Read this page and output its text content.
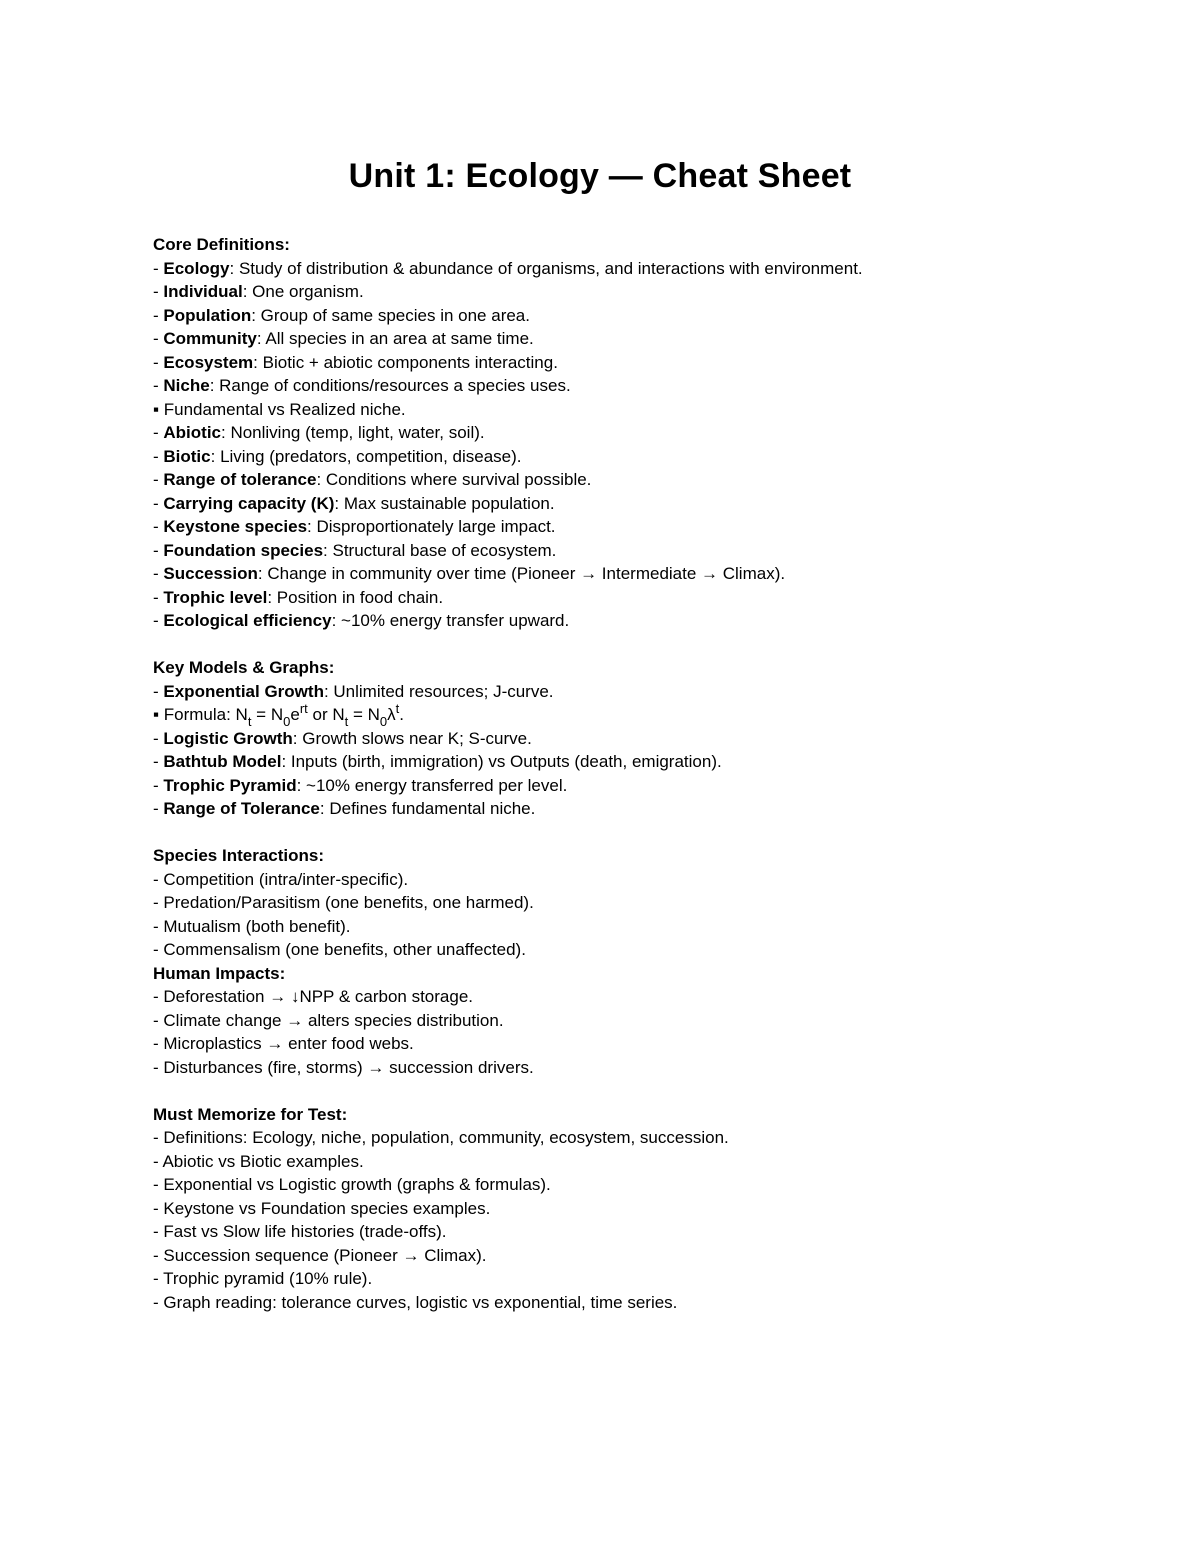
Unit 1: Ecology — Cheat Sheet
Core Definitions:
- Ecology: Study of distribution & abundance of organisms, and interactions with environment.
- Individual: One organism.
- Population: Group of same species in one area.
- Community: All species in an area at same time.
- Ecosystem: Biotic + abiotic components interacting.
- Niche: Range of conditions/resources a species uses.
▪ Fundamental vs Realized niche.
- Abiotic: Nonliving (temp, light, water, soil).
- Biotic: Living (predators, competition, disease).
- Range of tolerance: Conditions where survival possible.
- Carrying capacity (K): Max sustainable population.
- Keystone species: Disproportionately large impact.
- Foundation species: Structural base of ecosystem.
- Succession: Change in community over time (Pioneer → Intermediate → Climax).
- Trophic level: Position in food chain.
- Ecological efficiency: ~10% energy transfer upward.
Key Models & Graphs:
- Exponential Growth: Unlimited resources; J-curve.
▪ Formula: $N_t = N_0e^{rt}$ or $N_t = N_0\lambda^t$.
- Logistic Growth: Growth slows near K; S-curve.
- Bathtub Model: Inputs (birth, immigration) vs Outputs (death, emigration).
- Trophic Pyramid: ~10% energy transferred per level.
- Range of Tolerance: Defines fundamental niche.
Species Interactions:
- Competition (intra/inter-specific).
- Predation/Parasitism (one benefits, one harmed).
- Mutualism (both benefit).
- Commensalism (one benefits, other unaffected).
Human Impacts:
- Deforestation → ↓NPP & carbon storage.
- Climate change → alters species distribution.
- Microplastics → enter food webs.
- Disturbances (fire, storms) → succession drivers.
Must Memorize for Test:
- Definitions: Ecology, niche, population, community, ecosystem, succession.
- Abiotic vs Biotic examples.
- Exponential vs Logistic growth (graphs & formulas).
- Keystone vs Foundation species examples.
- Fast vs Slow life histories (trade-offs).
- Succession sequence (Pioneer → Climax).
- Trophic pyramid (10% rule).
- Graph reading: tolerance curves, logistic vs exponential, time series.
